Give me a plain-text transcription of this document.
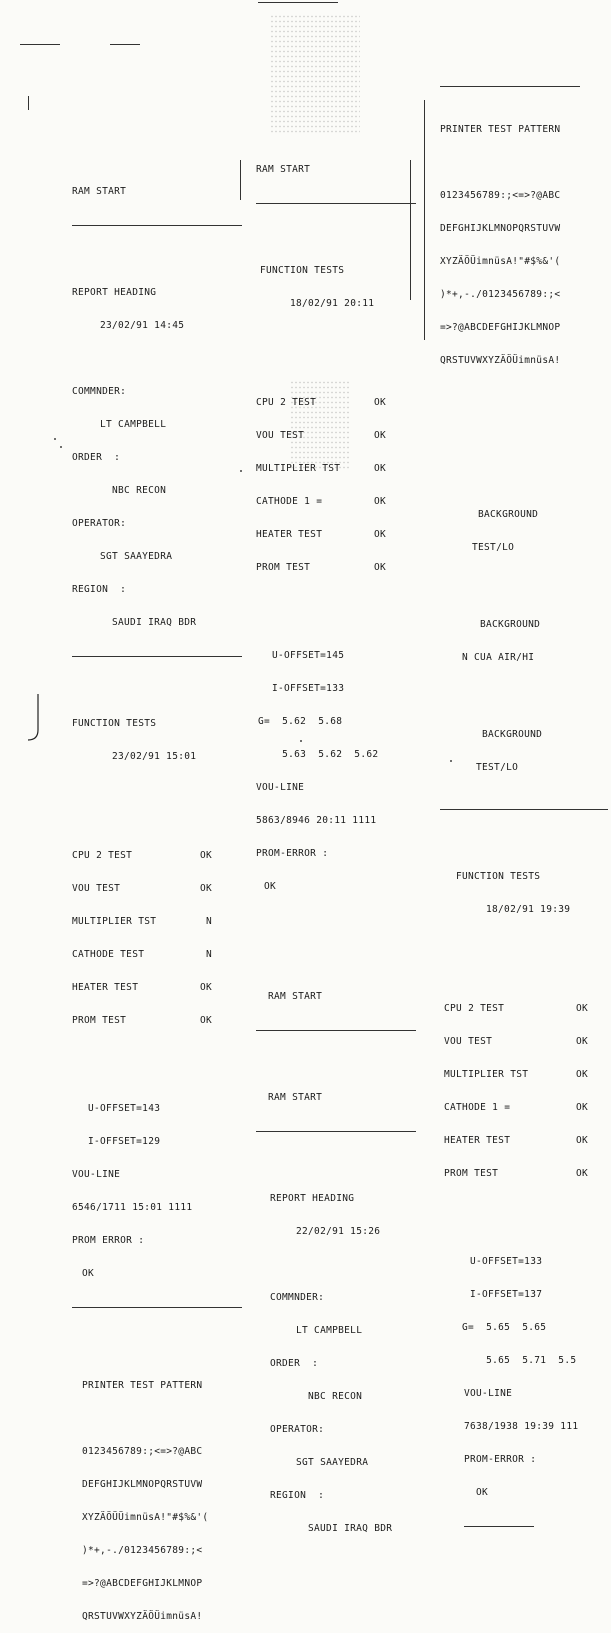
RAM START

REPORT HEADING

23/02/91 14:45

COMMNDER:

LT CAMPBELL

ORDER  :

NBC RECON

OPERATOR:

SGT SAAYEDRA

REGION  :

SAUDI IRAQ BDR

FUNCTION TESTS

23/02/91 15:01

CPU 2 TEST	OK

VOU TEST	OK

MULTIPLIER TST	N

CATHODE TEST	N

HEATER TEST	OK

PROM TEST	OK

U-OFFSET=143

I-OFFSET=129

VOU-LINE

6546/1711 15:01 1111

PROM ERROR :

OK

PRINTER TEST PATTERN

0123456789:;<=>?@ABC

DEFGHIJKLMNOPQRSTUVW

XYZÄÖÜÜimnüsA!"#$%&'(

)*+,-./0123456789:;<

=>?@ABCDEFGHIJKLMNOP

QRSTUVWXYZÄÖÜimnüsA!

RAM START

FUNCTION TESTS

18/02/91 20:11

CPU 2 TEST	OK

VOU TEST	OK

MULTIPLIER TST	OK

CATHODE 1 =	OK

HEATER TEST	OK

PROM TEST	OK

U-OFFSET=145

I-OFFSET=133

G=  5.62  5.68

5.63  5.62  5.62

VOU-LINE

5863/8946 20:11 1111

PROM-ERROR :

OK

RAM START

RAM START

REPORT HEADING

22/02/91 15:26

COMMNDER:

LT CAMPBELL

ORDER  :

NBC RECON

OPERATOR:

SGT SAAYEDRA

REGION  :

SAUDI IRAQ BDR

PRINTER TEST PATTERN

0123456789:;<=>?@ABC

DEFGHIJKLMNOPQRSTUVW

XYZÄÖÜimnüsA!"#$%&'(

)*+,-./0123456789:;<

=>?@ABCDEFGHIJKLMNOP

QRSTUVWXYZÄÖÜimnüsA!

BACKGROUND

TEST/LO

BACKGROUND

N CUA AIR/HI

BACKGROUND

TEST/LO

FUNCTION TESTS

18/02/91 19:39

CPU 2 TEST	OK

VOU TEST	OK

MULTIPLIER TST	OK

CATHODE 1 =	OK

HEATER TEST	OK

PROM TEST	OK

U-OFFSET=133

I-OFFSET=137

G=  5.65  5.65

5.65  5.71  5.5

VOU-LINE

7638/1938 19:39 111

PROM-ERROR :

OK
